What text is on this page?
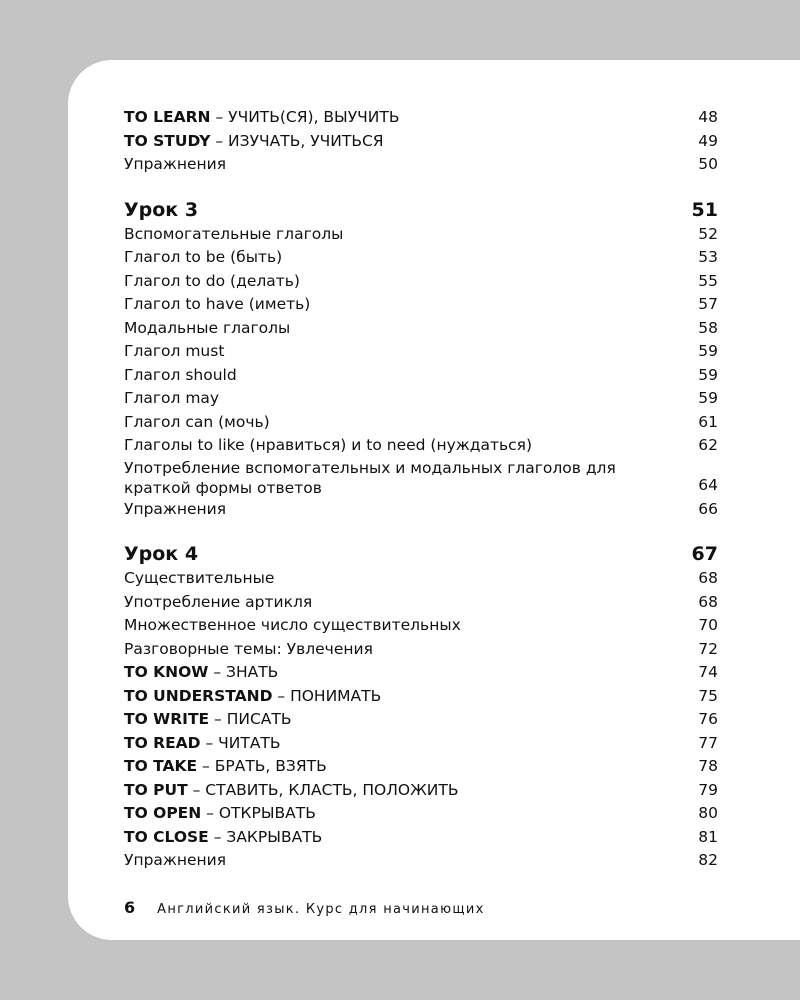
TO LEARN – УЧИТЬ(СЯ), ВЫУЧИТЬ	48
TO STUDY – ИЗУЧАТЬ, УЧИТЬСЯ	49
Упражнения	50
Урок 3	51
Вспомогательные глаголы	52
Глагол to be (быть)	53
Глагол to do (делать)	55
Глагол to have (иметь)	57
Модальные глаголы	58
Глагол must	59
Глагол should	59
Глагол may	59
Глагол can (мочь)	61
Глаголы to like (нравиться) и to need (нуждаться)	62
Употребление вспомогательных и модальных глаголов для краткой формы ответов	64
Упражнения	66
Урок 4	67
Существительные	68
Употребление артикля	68
Множественное число существительных	70
Разговорные темы: Увлечения	72
TO KNOW – ЗНАТЬ	74
TO UNDERSTAND – ПОНИМАТЬ	75
TO WRITE – ПИСАТЬ	76
TO READ – ЧИТАТЬ	77
TO TAKE – БРАТЬ, ВЗЯТЬ	78
TO PUT – СТАВИТЬ, КЛАСТЬ, ПОЛОЖИТЬ	79
TO OPEN – ОТКРЫВАТЬ	80
TO CLOSE – ЗАКРЫВАТЬ	81
Упражнения	82
6 Английский язык. Курс для начинающих
